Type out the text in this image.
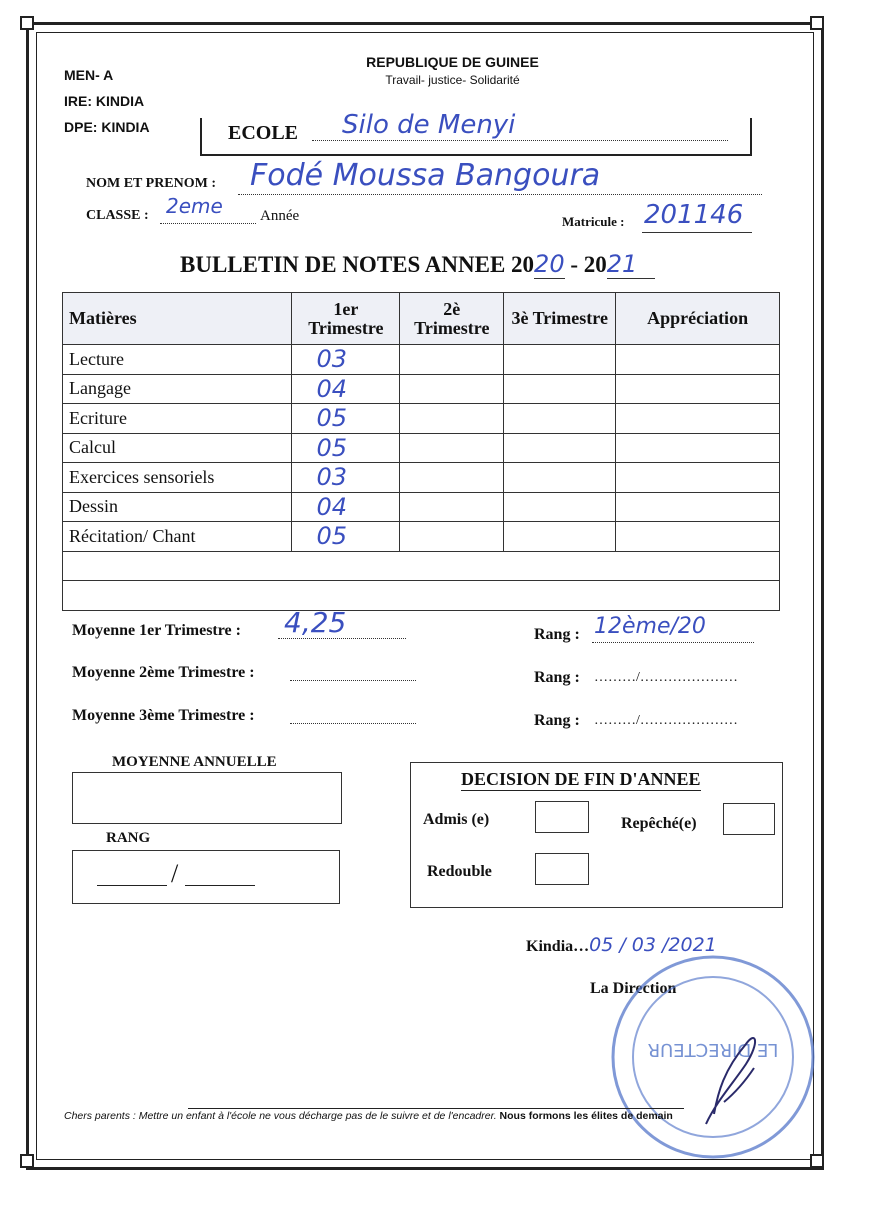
MEN- A
IRE: KINDIA
DPE: KINDIA
REPUBLIQUE DE GUINEE
Travail- justice- Solidarité
ECOLE Silo de Menyi
NOM ET PRENOM : Fodé Moussa Bangoura
CLASSE : 2eme Année	Matricule : 201146
BULLETIN DE NOTES ANNEE 2020 - 2021
Matières	1er Trimestre	2è Trimestre	3è Trimestre	Appréciation
Lecture	03			
Langage	04			
Ecriture	05			
Calcul	05			
Exercices sensoriels	03			
Dessin	04			
Récitation/ Chant	05			

Moyenne 1er Trimestre : 4,25
Moyenne 2ème Trimestre :
Moyenne 3ème Trimestre :
Rang : 12ème/20
Rang : ………/…………………
Rang : ………/…………………
MOYENNE ANNUELLE
RANG
/
DECISION DE FIN D'ANNEE
Admis (e)	Repêché(e)
Redouble
Kindia…05 / 03 /2021
La Direction
LE DIRECTEUR
Chers parents : Mettre un enfant à l'école ne vous décharge pas de le suivre et de l'encadrer. Nous formons les élites de demain
